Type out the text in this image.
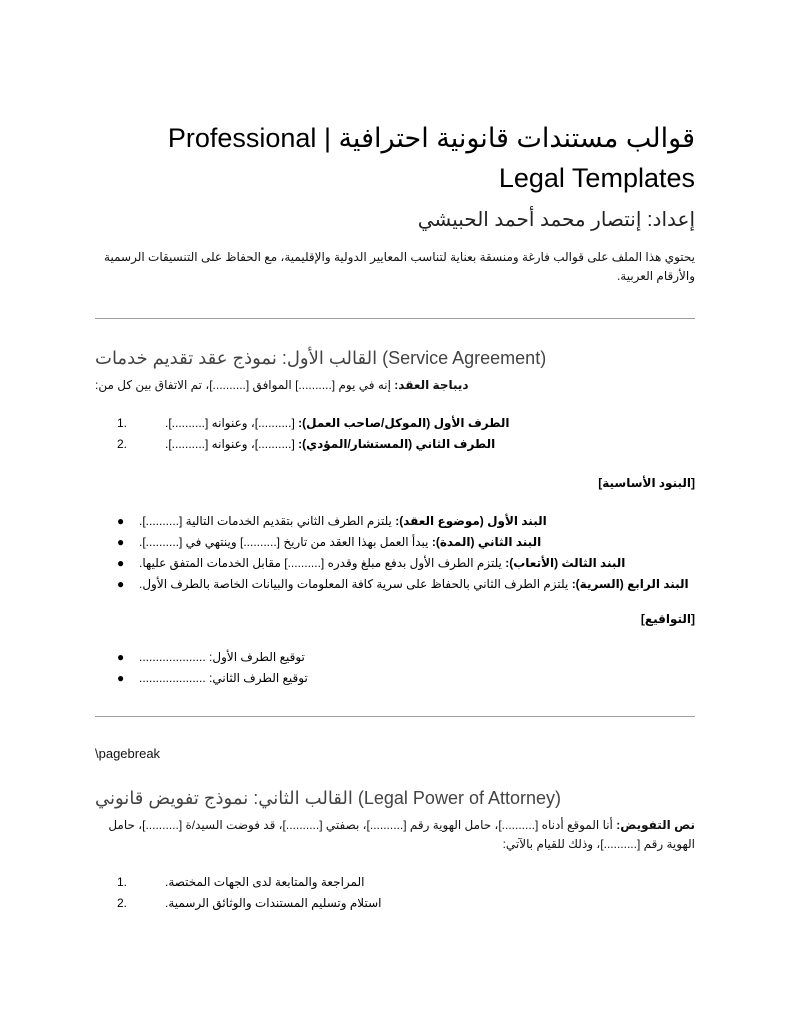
قوالب مستندات قانونية احترافية | Professional Legal Templates
إعداد: إنتصار محمد أحمد الحبيشي
يحتوي هذا الملف على قوالب فارغة ومنسقة بعناية لتناسب المعايير الدولية والإقليمية، مع الحفاظ على التنسيقات الرسمية والأرقام العربية.
القالب الأول: نموذج عقد تقديم خدمات (Service Agreement)
ديباجة العقد: إنه في يوم [..........] الموافق [..........]، تم الاتفاق بين كل من:
1.	الطرف الأول (الموكل/صاحب العمل): [..........]، وعنوانه [..........].
2.	الطرف الثاني (المستشار/المؤدي): [..........]، وعنوانه [..........].
[البنود الأساسية]
●	البند الأول (موضوع العقد): يلتزم الطرف الثاني بتقديم الخدمات التالية [..........].
●	البند الثاني (المدة): يبدأ العمل بهذا العقد من تاريخ [..........] وينتهي في [..........].
●	البند الثالث (الأتعاب): يلتزم الطرف الأول بدفع مبلغ وقدره [..........] مقابل الخدمات المتفق عليها.
●	البند الرابع (السرية): يلتزم الطرف الثاني بالحفاظ على سرية كافة المعلومات والبيانات الخاصة بالطرف الأول.
[التواقيع]
●	توقيع الطرف الأول: ....................
●	توقيع الطرف الثاني: ....................
\pagebreak
القالب الثاني: نموذج تفويض قانوني (Legal Power of Attorney)
نص التفويض: أنا الموقع أدناه [..........]، حامل الهوية رقم [..........]، بصفتي [..........]، قد فوضت السيد/ة [..........]، حامل الهوية رقم [..........]، وذلك للقيام بالآتي:
1.	المراجعة والمتابعة لدى الجهات المختصة.
2.	استلام وتسليم المستندات والوثائق الرسمية.
